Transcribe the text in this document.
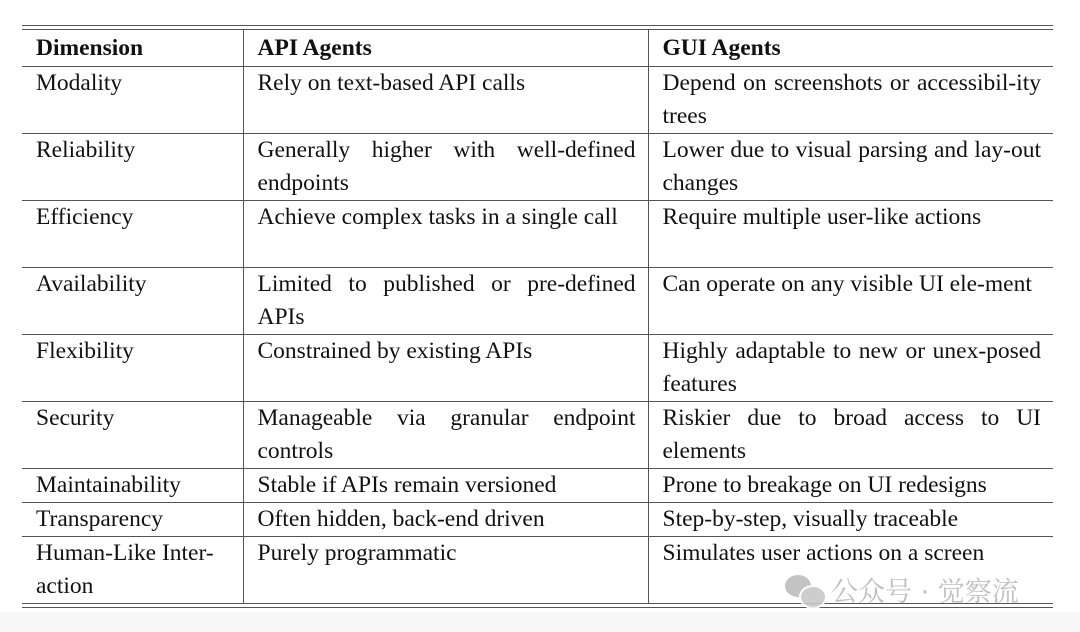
Dimension	API Agents	GUI Agents
Modality	Rely on text-based API calls	Depend on screenshots or accessibil-ity trees
Reliability	Generally higher with well-defined endpoints	Lower due to visual parsing and lay-out changes
Efficiency	Achieve complex tasks in a single call	Require multiple user-like actions
Availability	Limited to published or pre-defined APIs	Can operate on any visible UI ele-ment
Flexibility	Constrained by existing APIs	Highly adaptable to new or unex-posed features
Security	Manageable via granular endpoint controls	Riskier due to broad access to UI elements
Maintainability	Stable if APIs remain versioned	Prone to breakage on UI redesigns
Transparency	Often hidden, back-end driven	Step-by-step, visually traceable
Human-Like Inter-action	Purely programmatic	Simulates user actions on a screen
公众号 · 觉察流
